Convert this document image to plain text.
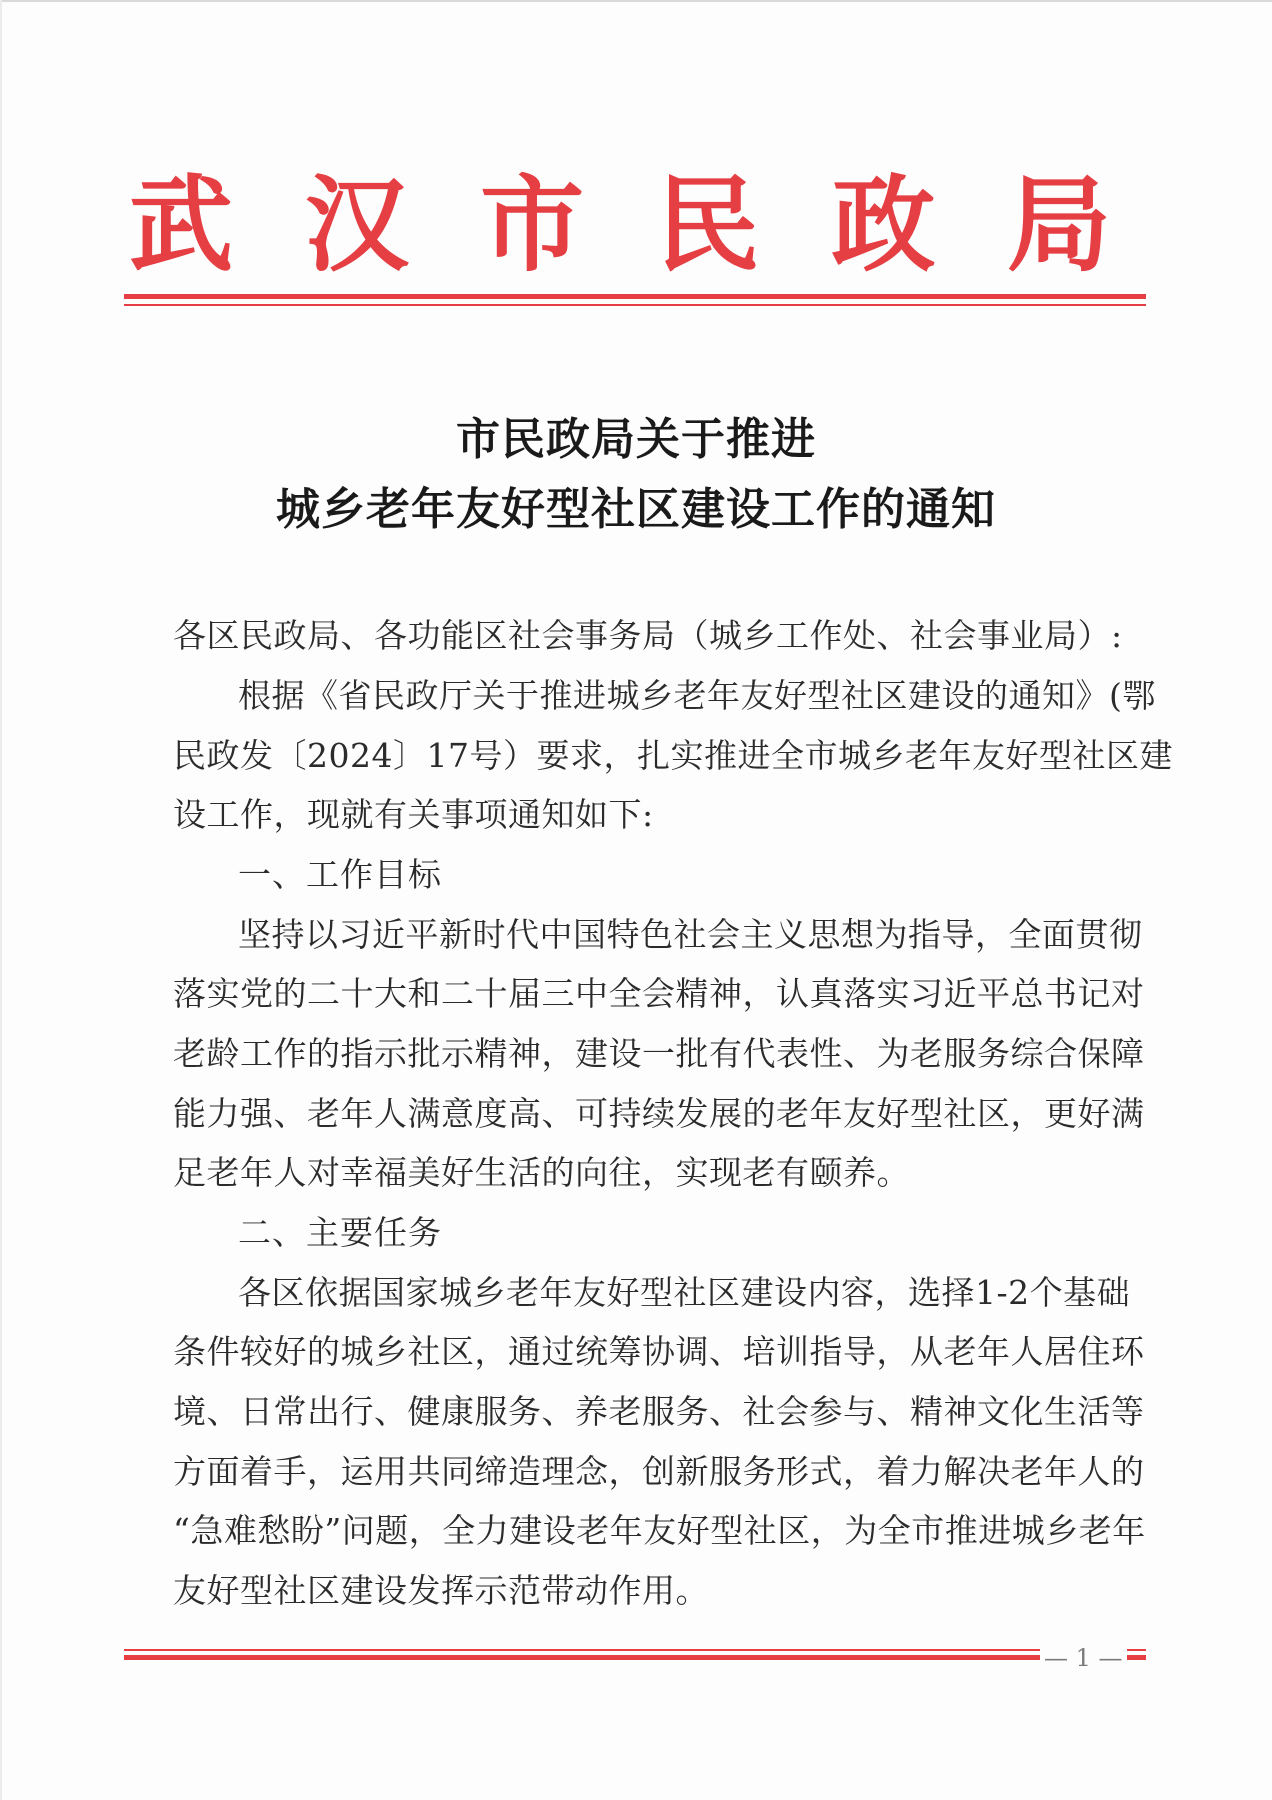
武 汉 市 民 政 局
市民政局关于推进
城乡老年友好型社区建设工作的通知
各区民政局、各功能区社会事务局（城乡工作处、社会事业局）:
根据《省民政厅关于推进城乡老年友好型社区建设的通知》(鄂
民政发〔2024〕17号）要求，扎实推进全市城乡老年友好型社区建
设工作，现就有关事项通知如下:
一、工作目标
坚持以习近平新时代中国特色社会主义思想为指导，全面贯彻
落实党的二十大和二十届三中全会精神，认真落实习近平总书记对
老龄工作的指示批示精神，建设一批有代表性、为老服务综合保障
能力强、老年人满意度高、可持续发展的老年友好型社区，更好满
足老年人对幸福美好生活的向往，实现老有颐养。
二、主要任务
各区依据国家城乡老年友好型社区建设内容，选择1-2个基础
条件较好的城乡社区，通过统筹协调、培训指导，从老年人居住环
境、日常出行、健康服务、养老服务、社会参与、精神文化生活等
方面着手，运用共同缔造理念，创新服务形式，着力解决老年人的
“急难愁盼”问题，全力建设老年友好型社区，为全市推进城乡老年
友好型社区建设发挥示范带动作用。
— 1 —
